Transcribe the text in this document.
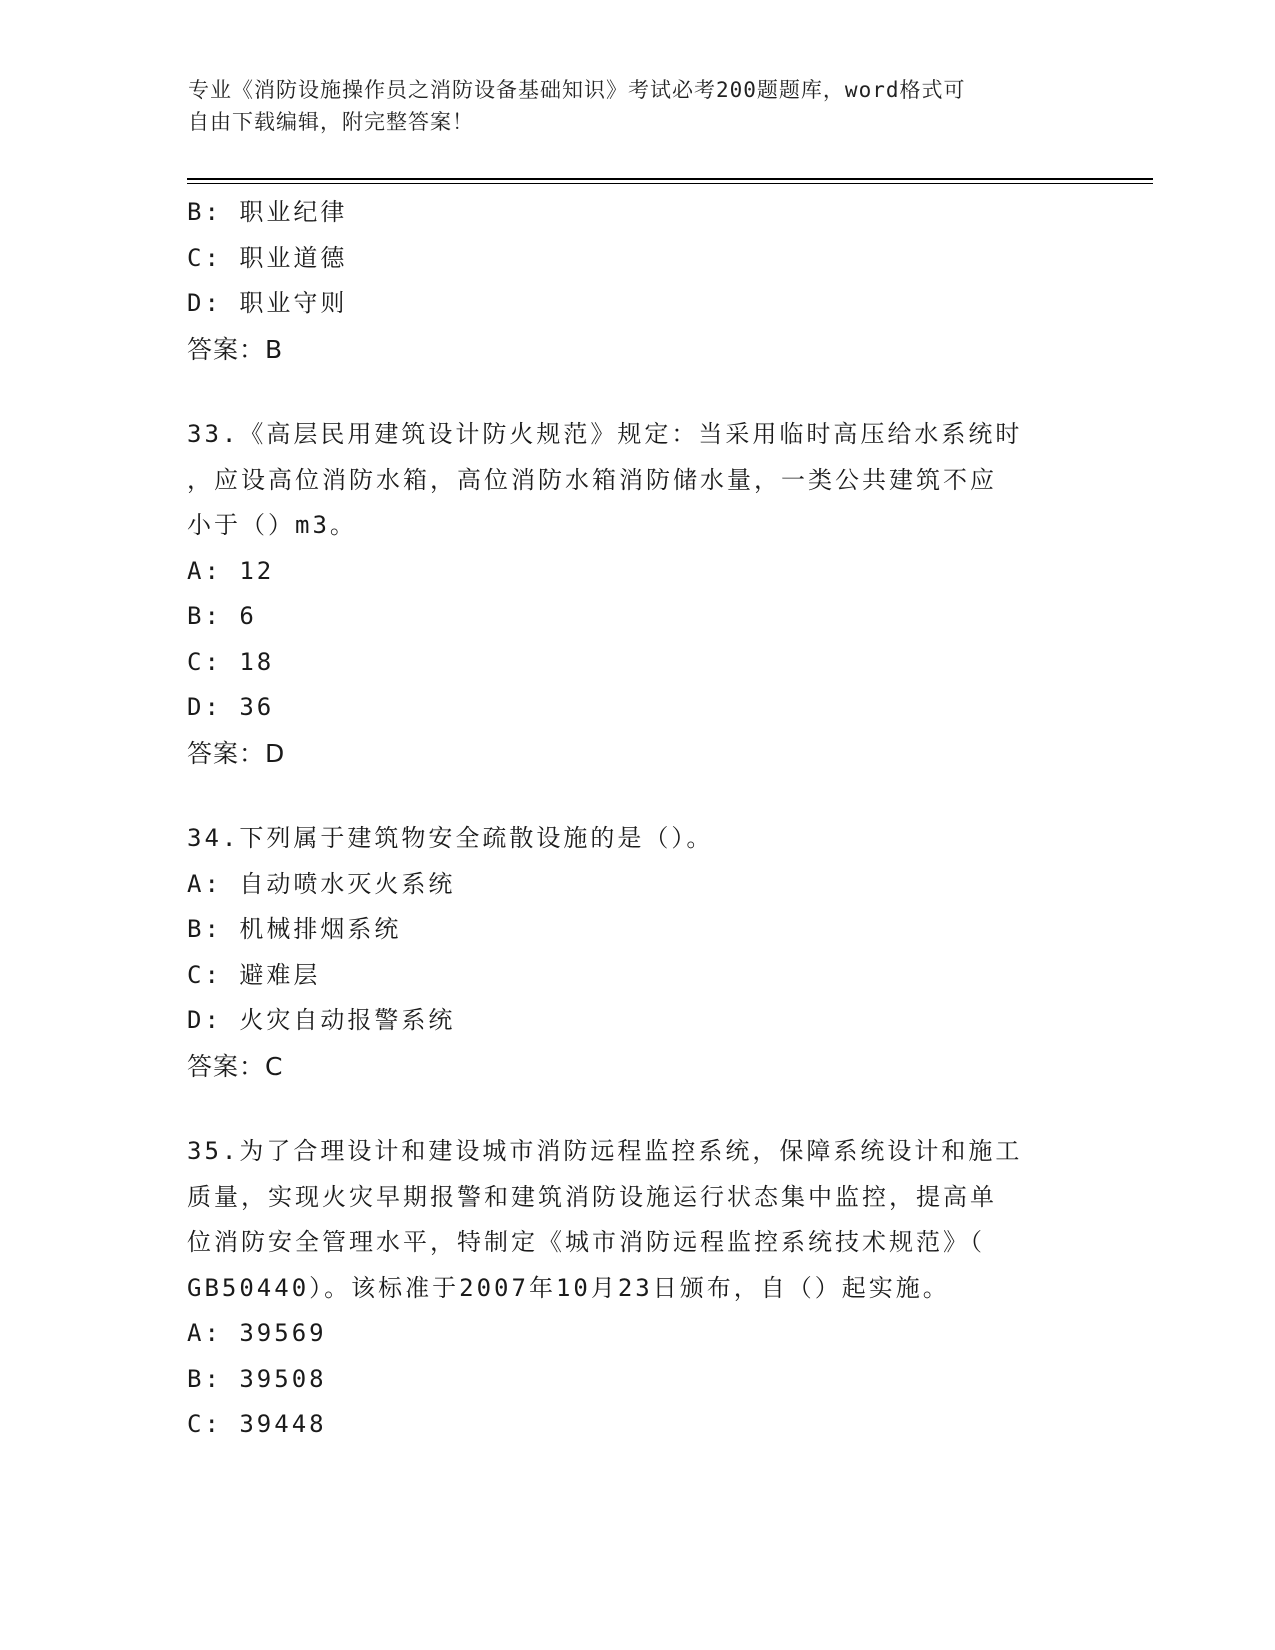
专业《消防设施操作员之消防设备基础知识》考试必考200题题库，word格式可
自由下载编辑，附完整答案！
B: 职业纪律
C: 职业道德
D: 职业守则
答案：B
33.《高层民用建筑设计防火规范》规定：当采用临时高压给水系统时
，应设高位消防水箱，高位消防水箱消防储水量，一类公共建筑不应
小于（）m3。
A: 12
B: 6
C: 18
D: 36
答案：D
34.下列属于建筑物安全疏散设施的是（）。
A: 自动喷水灭火系统
B: 机械排烟系统
C: 避难层
D: 火灾自动报警系统
答案：C
35.为了合理设计和建设城市消防远程监控系统，保障系统设计和施工
质量，实现火灾早期报警和建筑消防设施运行状态集中监控，提高单
位消防安全管理水平，特制定《城市消防远程监控系统技术规范》（
GB50440）。该标准于2007年10月23日颁布，自（）起实施。
A: 39569
B: 39508
C: 39448
